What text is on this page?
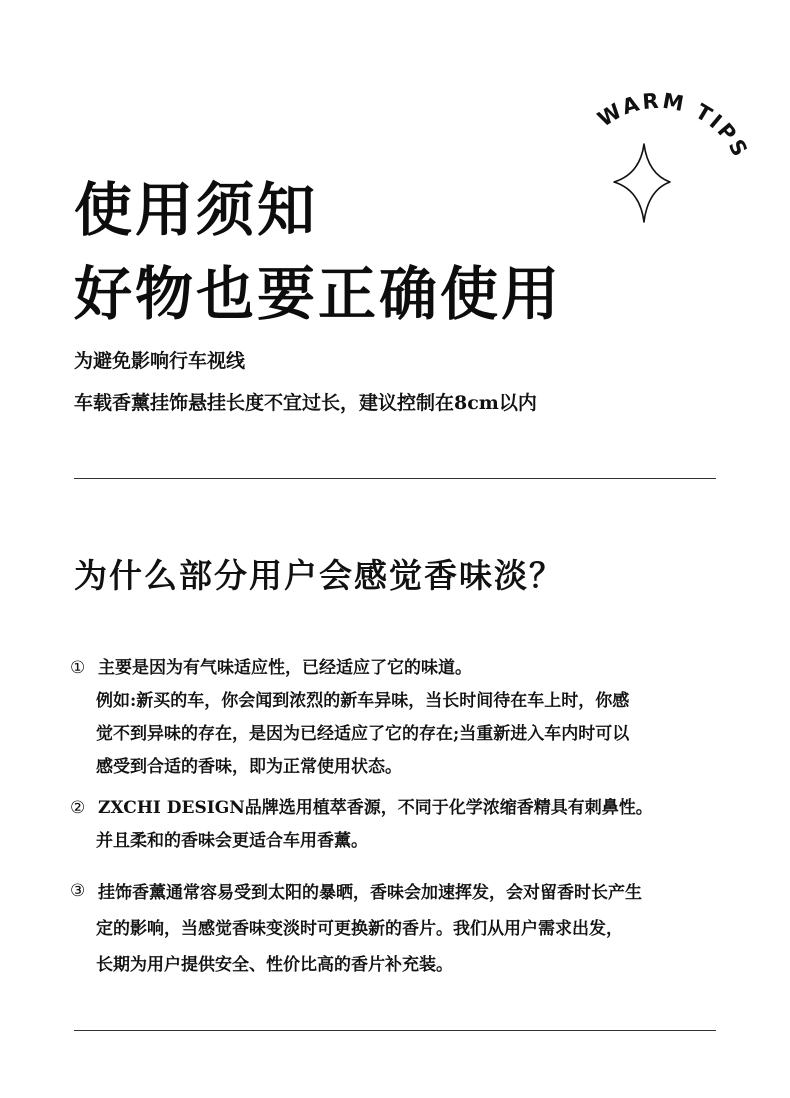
WARM TIPS
使用须知
好物也要正确使用
为避免影响行车视线
车载香薰挂饰悬挂长度不宜过长，建议控制在8cm以内
为什么部分用户会感觉香味淡？
① 主要是因为有气味适应性，已经适应了它的味道。
例如:新买的车，你会闻到浓烈的新车异味，当长时间待在车上时，你感
觉不到异味的存在，是因为已经适应了它的存在;当重新进入车内时可以
感受到合适的香味，即为正常使用状态。
② ZXCHI DESIGN品牌选用植萃香源，不同于化学浓缩香精具有刺鼻性。
并且柔和的香味会更适合车用香薰。
③ 挂饰香薰通常容易受到太阳的暴晒，香味会加速挥发，会对留香时长产生
定的影响，当感觉香味变淡时可更换新的香片。我们从用户需求出发，
长期为用户提供安全、性价比高的香片补充装。
